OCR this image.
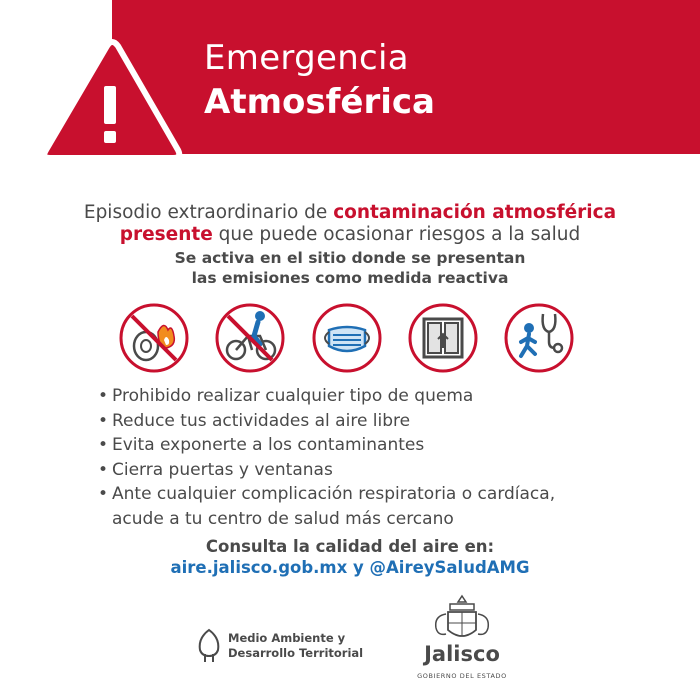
Emergencia
Atmosférica
Episodio extraordinario de contaminación atmosférica
presente que puede ocasionar riesgos a la salud
Se activa en el sitio donde se presentan
las emisiones como medida reactiva
• Prohibido realizar cualquier tipo de quema
• Reduce tus actividades al aire libre
• Evita exponerte a los contaminantes
• Cierra puertas y ventanas
• Ante cualquier complicación respiratoria o cardíaca, acude a tu centro de salud más cercano
Consulta la calidad del aire en:
aire.jalisco.gob.mx y @AireySaludAMG
Medio Ambiente y
Desarrollo Territorial	Jalisco
GOBIERNO DEL ESTADO
